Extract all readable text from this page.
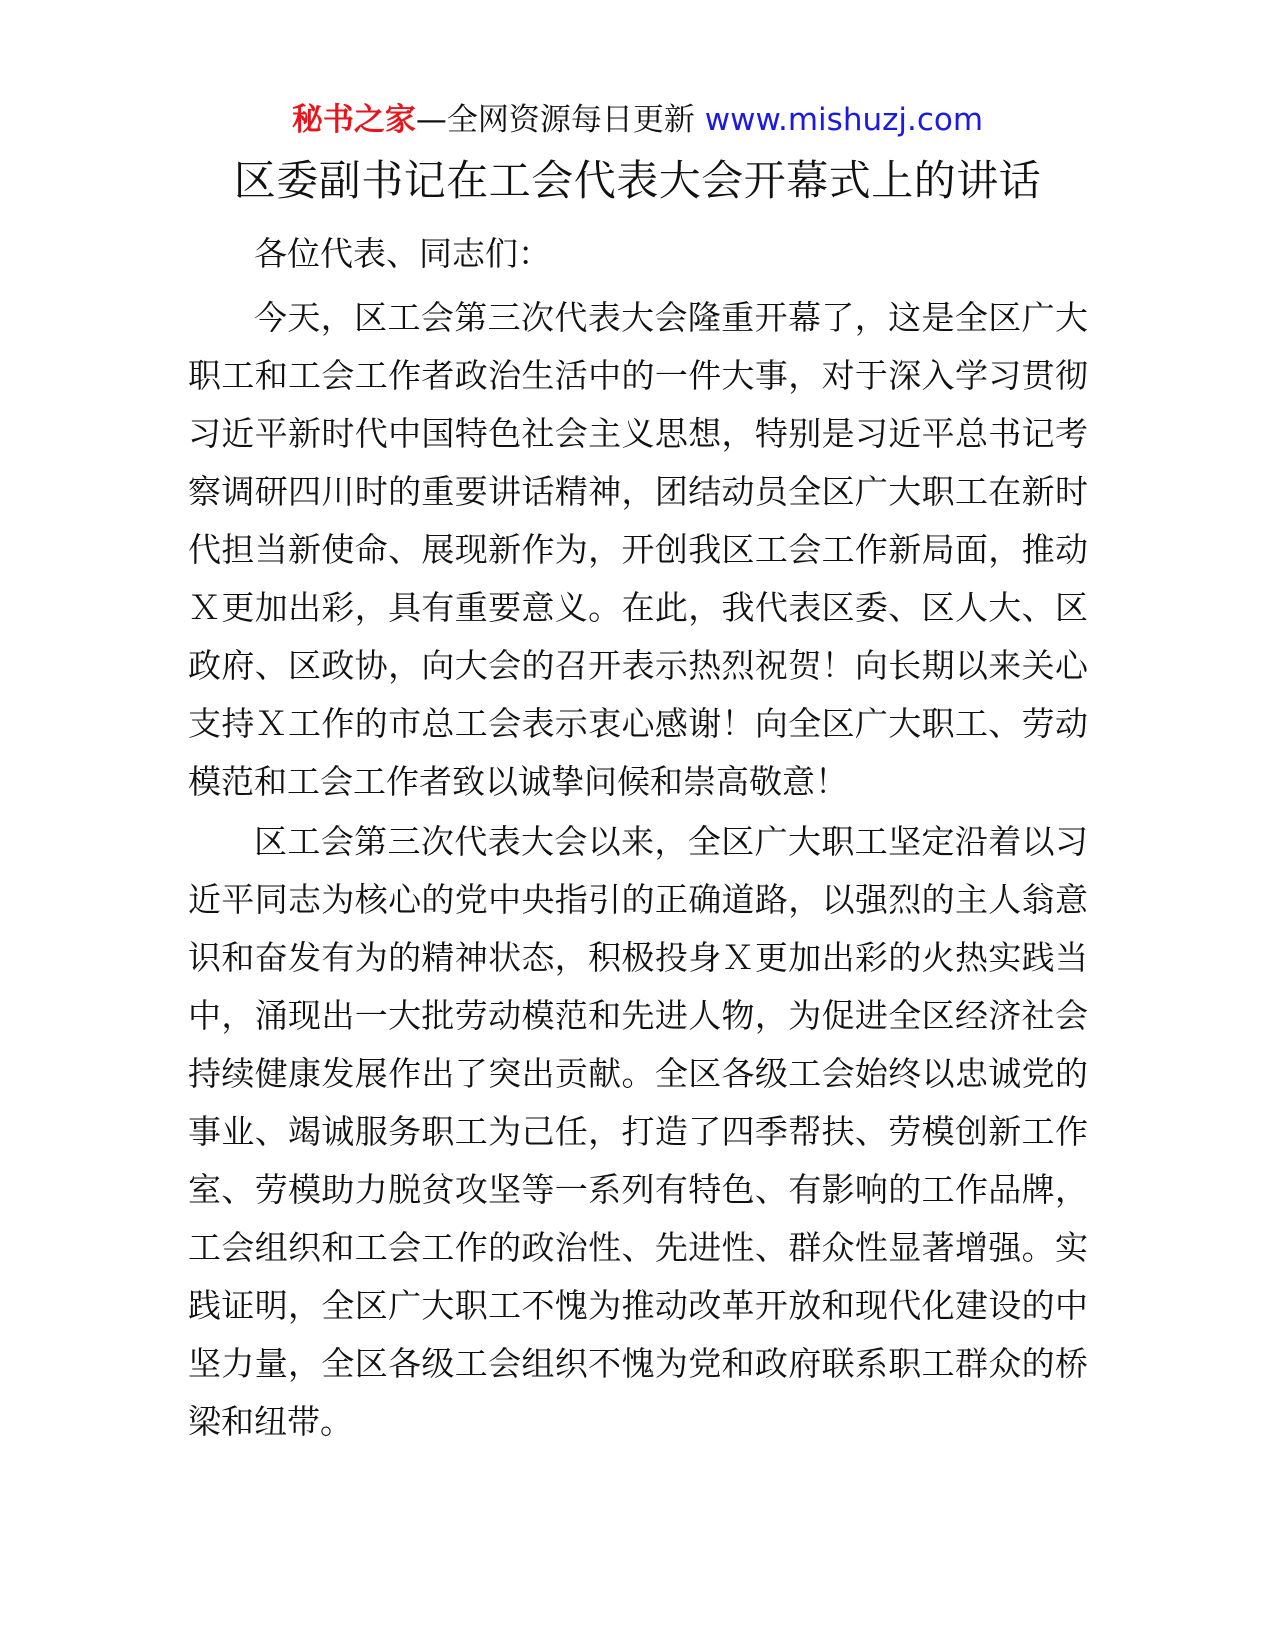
秘书之家—全网资源每日更新 www.mishuzj.com
区委副书记在工会代表大会开幕式上的讲话

各位代表、同志们：

今天，区工会第三次代表大会隆重开幕了，这是全区广大职工和工会工作者政治生活中的一件大事，对于深入学习贯彻习近平新时代中国特色社会主义思想，特别是习近平总书记考察调研四川时的重要讲话精神，团结动员全区广大职工在新时代担当新使命、展现新作为，开创我区工会工作新局面，推动Ｘ更加出彩，具有重要意义。在此，我代表区委、区人大、区政府、区政协，向大会的召开表示热烈祝贺！向长期以来关心支持Ｘ工作的市总工会表示衷心感谢！向全区广大职工、劳动模范和工会工作者致以诚挚问候和崇高敬意！

区工会第三次代表大会以来，全区广大职工坚定沿着以习近平同志为核心的党中央指引的正确道路，以强烈的主人翁意识和奋发有为的精神状态，积极投身Ｘ更加出彩的火热实践当中，涌现出一大批劳动模范和先进人物，为促进全区经济社会持续健康发展作出了突出贡献。全区各级工会始终以忠诚党的事业、竭诚服务职工为己任，打造了四季帮扶、劳模创新工作室、劳模助力脱贫攻坚等一系列有特色、有影响的工作品牌，工会组织和工会工作的政治性、先进性、群众性显著增强。实践证明，全区广大职工不愧为推动改革开放和现代化建设的中坚力量，全区各级工会组织不愧为党和政府联系职工群众的桥梁和纽带。
